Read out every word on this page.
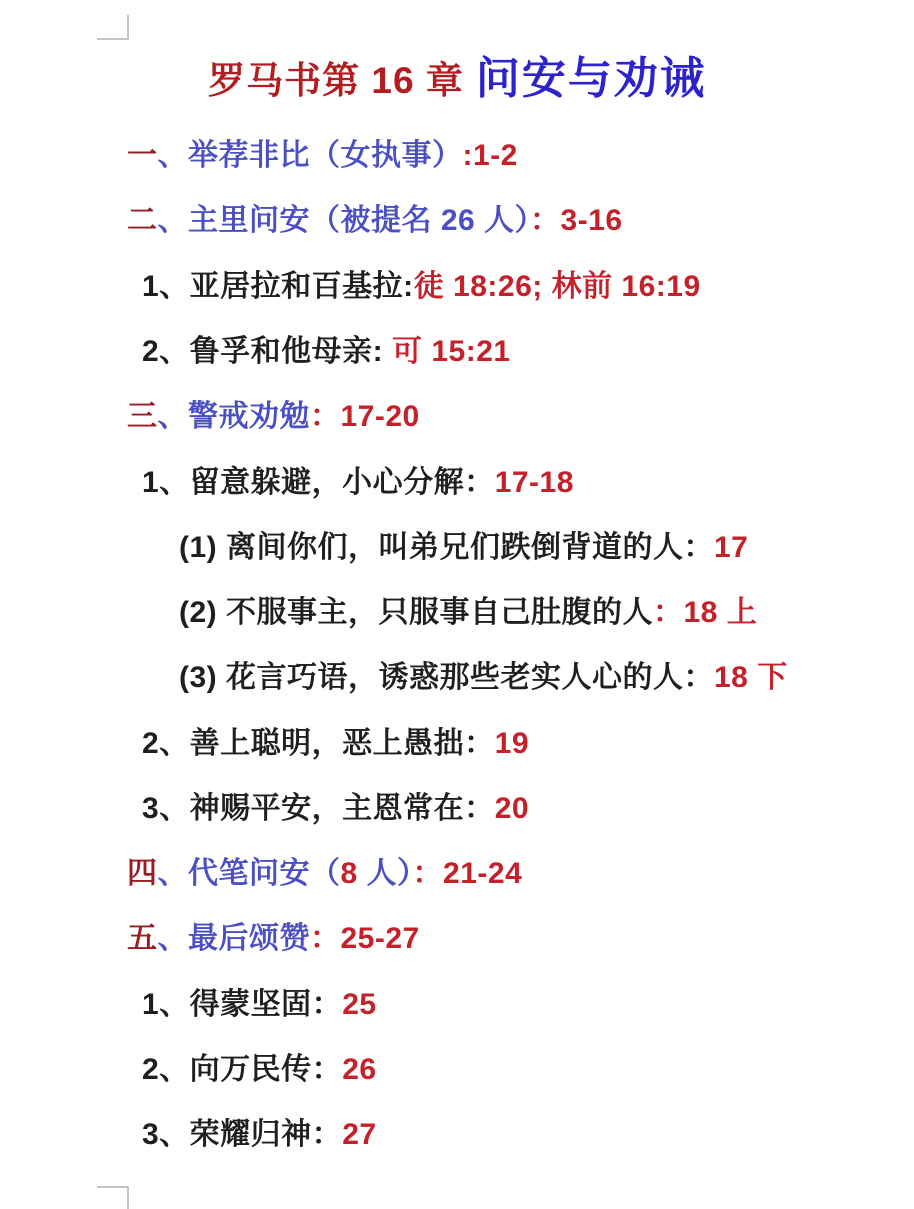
罗马书第 16 章 问安与劝诫
一、举荐非比（女执事）:1-2
二、主里问安（被提名 26 人）：3-16
1、亚居拉和百基拉:徒 18:26; 林前 16:19
2、鲁孚和他母亲: 可 15:21
三、警戒劝勉：17-20
1、留意躲避，小心分解：17-18
(1) 离间你们，叫弟兄们跌倒背道的人：17
(2) 不服事主，只服事自己肚腹的人：18 上
(3) 花言巧语，诱惑那些老实人心的人：18 下
2、善上聪明，恶上愚拙：19
3、神赐平安，主恩常在：20
四、代笔问安（8 人）：21-24
五、最后颂赞：25-27
1、得蒙坚固：25
2、向万民传：26
3、荣耀归神：27
